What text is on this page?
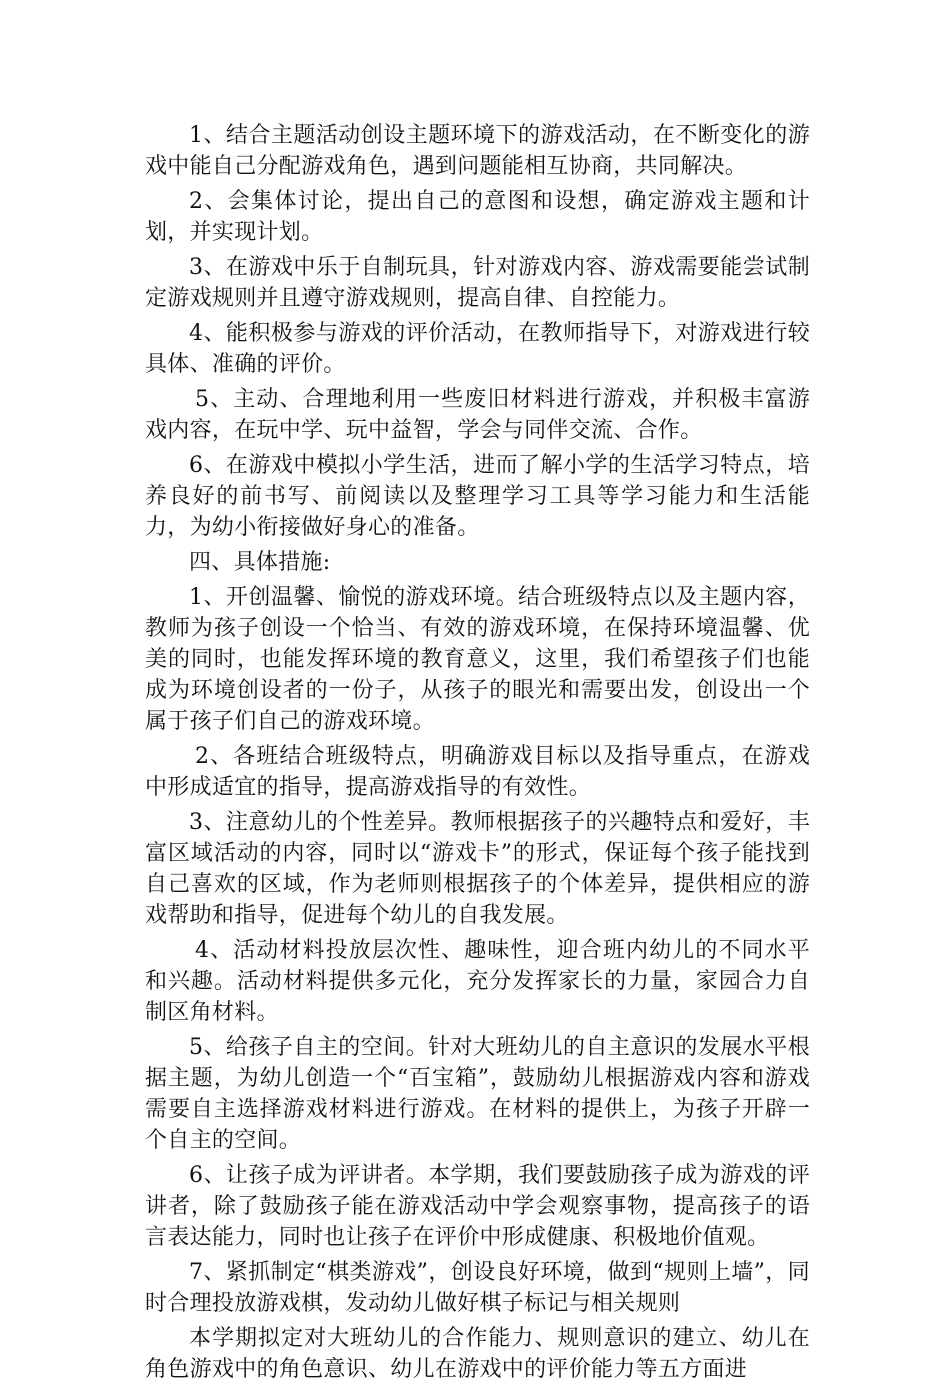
1、结合主题活动创设主题环境下的游戏活动，在不断变化的游戏中能自己分配游戏角色，遇到问题能相互协商，共同解决。

2、会集体讨论，提出自己的意图和设想，确定游戏主题和计划，并实现计划。

3、在游戏中乐于自制玩具，针对游戏内容、游戏需要能尝试制定游戏规则并且遵守游戏规则，提高自律、自控能力。

4、能积极参与游戏的评价活动，在教师指导下，对游戏进行较具体、准确的评价。

5、主动、合理地利用一些废旧材料进行游戏，并积极丰富游戏内容，在玩中学、玩中益智，学会与同伴交流、合作。

6、在游戏中模拟小学生活，进而了解小学的生活学习特点，培养良好的前书写、前阅读以及整理学习工具等学习能力和生活能力，为幼小衔接做好身心的准备。

四、具体措施:

1、开创温馨、愉悦的游戏环境。结合班级特点以及主题内容，教师为孩子创设一个恰当、有效的游戏环境，在保持环境温馨、优美的同时，也能发挥环境的教育意义，这里，我们希望孩子们也能成为环境创设者的一份子，从孩子的眼光和需要出发，创设出一个属于孩子们自己的游戏环境。

2、各班结合班级特点，明确游戏目标以及指导重点，在游戏中形成适宜的指导，提高游戏指导的有效性。

3、注意幼儿的个性差异。教师根据孩子的兴趣特点和爱好，丰富区域活动的内容，同时以“游戏卡”的形式，保证每个孩子能找到自己喜欢的区域，作为老师则根据孩子的个体差异，提供相应的游戏帮助和指导，促进每个幼儿的自我发展。

4、活动材料投放层次性、趣味性，迎合班内幼儿的不同水平和兴趣。活动材料提供多元化，充分发挥家长的力量，家园合力自制区角材料。

5、给孩子自主的空间。针对大班幼儿的自主意识的发展水平根据主题，为幼儿创造一个“百宝箱”，鼓励幼儿根据游戏内容和游戏需要自主选择游戏材料进行游戏。在材料的提供上，为孩子开辟一个自主的空间。

6、让孩子成为评讲者。本学期，我们要鼓励孩子成为游戏的评讲者，除了鼓励孩子能在游戏活动中学会观察事物，提高孩子的语言表达能力，同时也让孩子在评价中形成健康、积极地价值观。

7、紧抓制定“棋类游戏”，创设良好环境，做到“规则上墙”，同时合理投放游戏棋，发动幼儿做好棋子标记与相关规则

本学期拟定对大班幼儿的合作能力、规则意识的建立、幼儿在角色游戏中的角色意识、幼儿在游戏中的评价能力等五方面进
